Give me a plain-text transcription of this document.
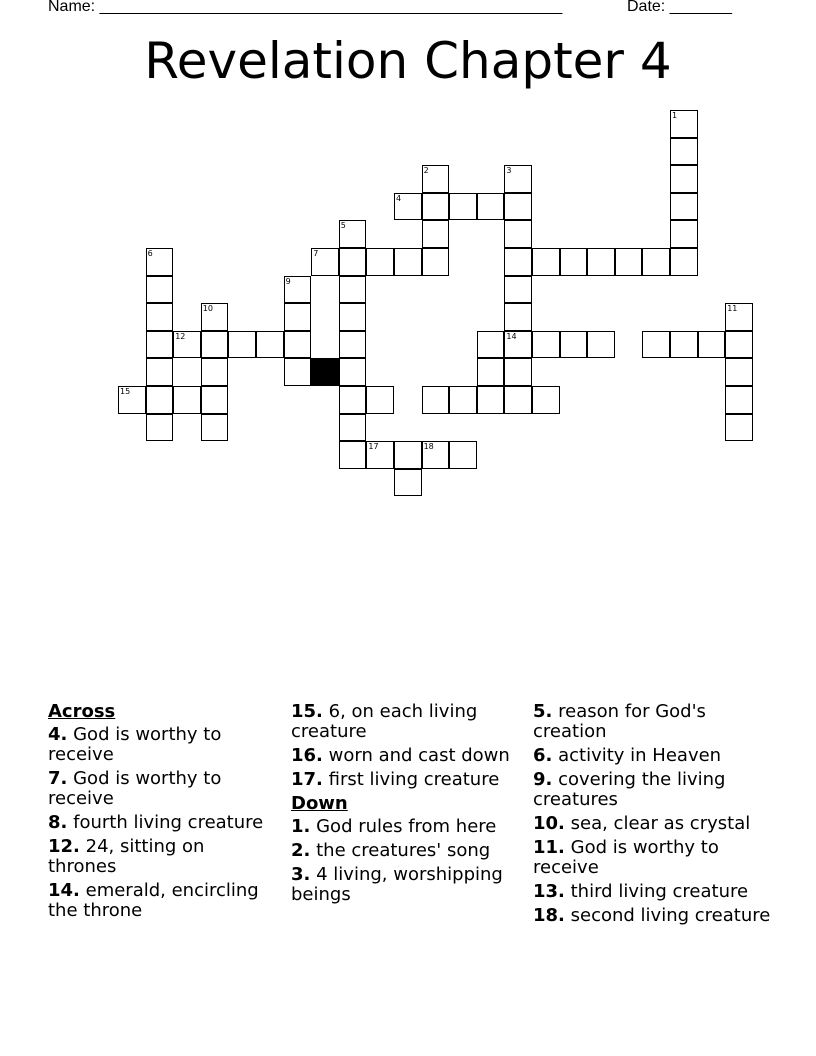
Name: ____________________________________________________	Date: _______
Revelation Chapter 4
1
2	3
14
4
5
6	7
9
10
12
11
15
17	18
Across
4. God is worthy to receive
7. God is worthy to receive
8. fourth living creature
12. 24, sitting on thrones
14. emerald, encircling the throne
15. 6, on each living creature
16. worn and cast down
17. first living creature
Down
1. God rules from here
2. the creatures' song
3. 4 living, worshipping beings
5. reason for God's creation
6. activity in Heaven
9. covering the living creatures
10. sea, clear as crystal
11. God is worthy to receive
13. third living creature
18. second living creature
